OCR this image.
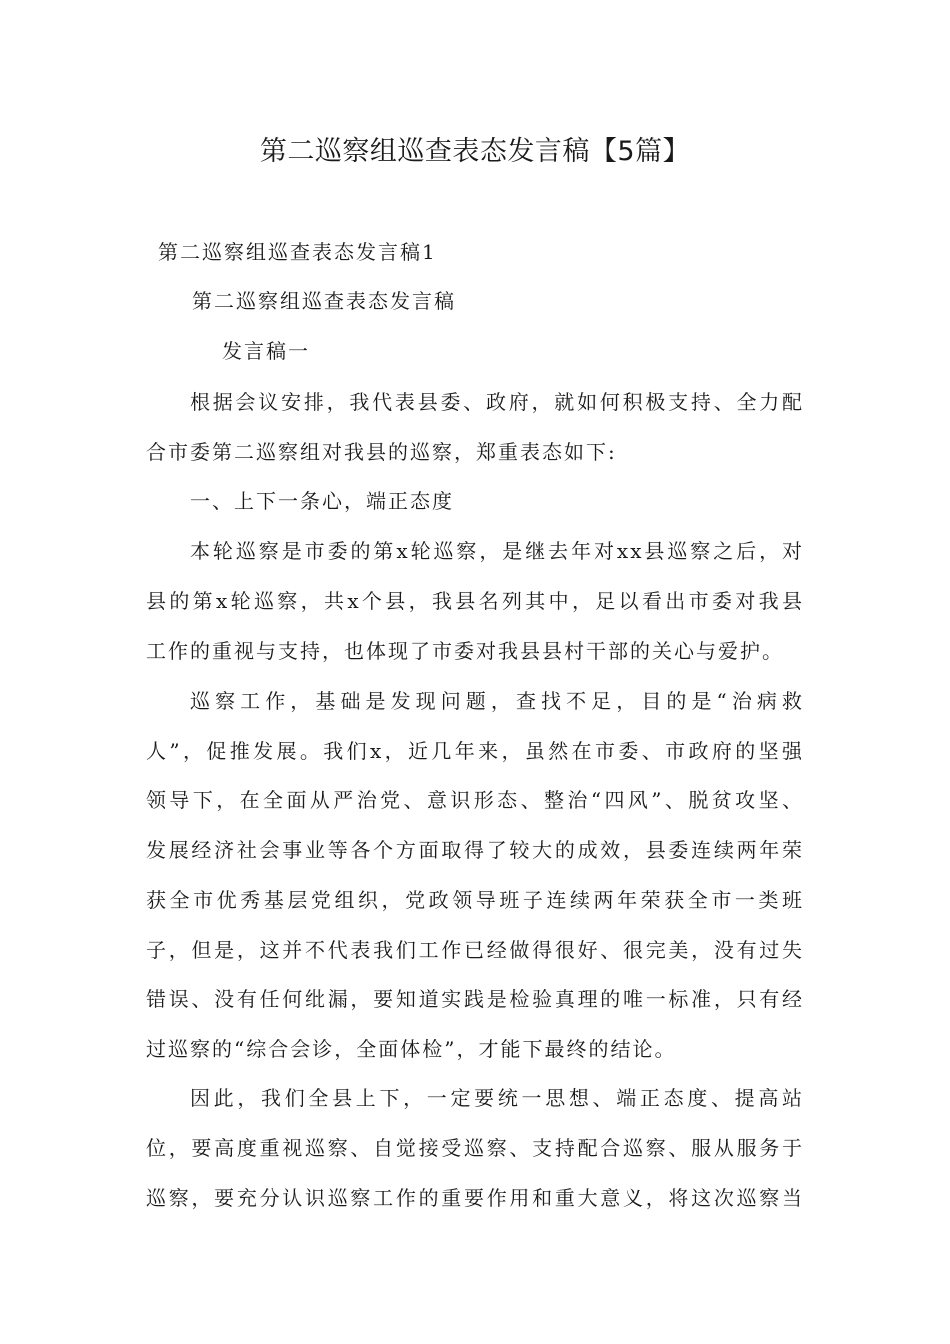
第二巡察组巡查表态发言稿【5篇】
第二巡察组巡查表态发言稿1
第二巡察组巡查表态发言稿
发言稿一
根据会议安排，我代表县委、政府，就如何积极支持、全力配
合市委第二巡察组对我县的巡察，郑重表态如下:
一、上下一条心，端正态度
本轮巡察是市委的第x轮巡察，是继去年对xx县巡察之后，对
县的第x轮巡察，共x个县，我县名列其中，足以看出市委对我县
工作的重视与支持，也体现了市委对我县县村干部的关心与爱护。
巡察工作，基础是发现问题，查找不足，目的是“治病救
人”，促推发展。我们x，近几年来，虽然在市委、市政府的坚强
领导下，在全面从严治党、意识形态、整治“四风”、脱贫攻坚、
发展经济社会事业等各个方面取得了较大的成效，县委连续两年荣
获全市优秀基层党组织，党政领导班子连续两年荣获全市一类班
子，但是，这并不代表我们工作已经做得很好、很完美，没有过失
错误、没有任何纰漏，要知道实践是检验真理的唯一标准，只有经
过巡察的“综合会诊，全面体检”，才能下最终的结论。
因此，我们全县上下，一定要统一思想、端正态度、提高站
位，要高度重视巡察、自觉接受巡察、支持配合巡察、服从服务于
巡察，要充分认识巡察工作的重要作用和重大意义，将这次巡察当
